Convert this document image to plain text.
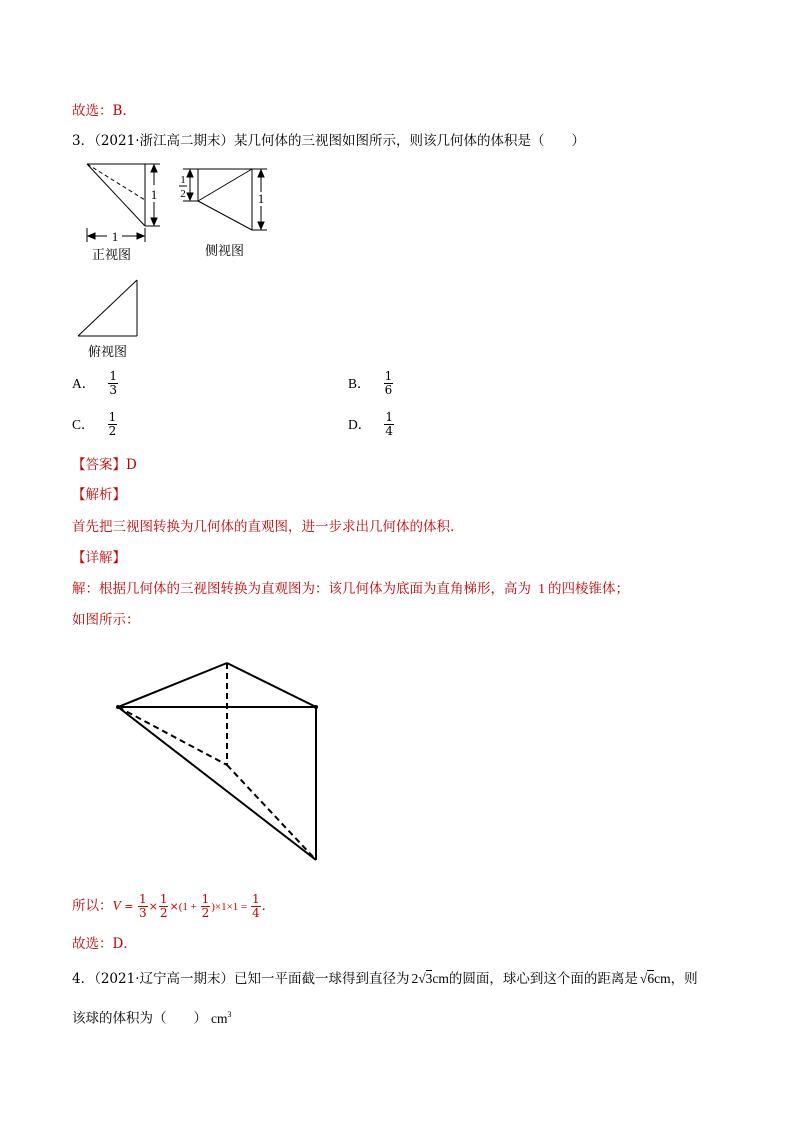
故选：B.
3．（2021·浙江高二期末）某几何体的三视图如图所示，则该几何体的体积是（　　）
1
1
1
1
2
正视图	侧视图
俯视图
A． $\frac{1}{3}$	B． $\frac{1}{6}$
C． $\frac{1}{2}$	D． $\frac{1}{4}$
【答案】D
【解析】
首先把三视图转换为几何体的直观图，进一步求出几何体的体积．
【详解】
解：根据几何体的三视图转换为直观图为：该几何体为底面为直角梯形，高为 1 的四棱锥体；
如图所示：
所以：$V = \frac{1}{3} \times \frac{1}{2} \times(1 + \frac{1}{2} )\times 1\times 1 = \frac{1}{4}$ ．
故选：D．
4．（2021·辽宁高一期末）已知一平面截一球得到直径为 2√3cm的圆面，球心到这个面的距离是 √6cm，则
该球的体积为（　　） $cm^3$
